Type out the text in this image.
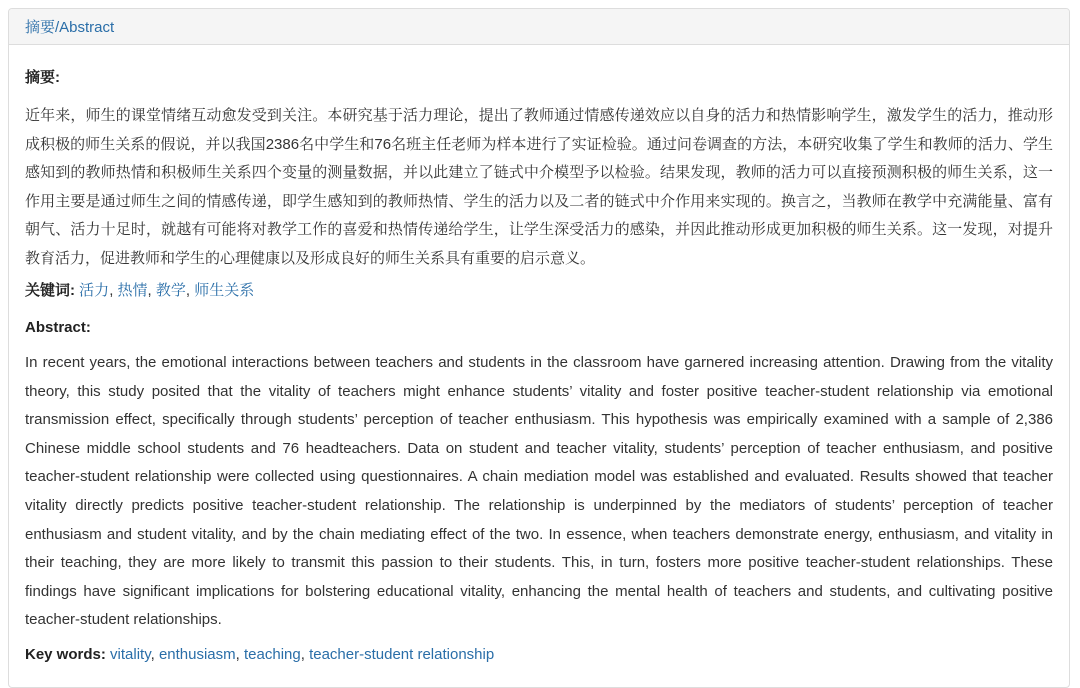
摘要/Abstract
摘要:
近年来，师生的课堂情绪互动愈发受到关注。本研究基于活力理论，提出了教师通过情感传递效应以自身的活力和热情影响学生，激发学生的活力，推动形成积极的师生关系的假说，并以我国2386名中学生和76名班主任老师为样本进行了实证检验。通过问卷调查的方法，本研究收集了学生和教师的活力、学生感知到的教师热情和积极师生关系四个变量的测量数据，并以此建立了链式中介模型予以检验。结果发现，教师的活力可以直接预测积极的师生关系，这一作用主要是通过师生之间的情感传递，即学生感知到的教师热情、学生的活力以及二者的链式中介作用来实现的。换言之，当教师在教学中充满能量、富有朝气、活力十足时，就越有可能将对教学工作的喜爱和热情传递给学生，让学生深受活力的感染，并因此推动形成更加积极的师生关系。这一发现，对提升教育活力，促进教师和学生的心理健康以及形成良好的师生关系具有重要的启示意义。
关键词: 活力, 热情, 教学, 师生关系
Abstract:
In recent years, the emotional interactions between teachers and students in the classroom have garnered increasing attention. Drawing from the vitality theory, this study posited that the vitality of teachers might enhance students’ vitality and foster positive teacher-student relationship via emotional transmission effect, specifically through students’ perception of teacher enthusiasm. This hypothesis was empirically examined with a sample of 2,386 Chinese middle school students and 76 headteachers. Data on student and teacher vitality, students’ perception of teacher enthusiasm, and positive teacher-student relationship were collected using questionnaires. A chain mediation model was established and evaluated. Results showed that teacher vitality directly predicts positive teacher-student relationship. The relationship is underpinned by the mediators of students’ perception of teacher enthusiasm and student vitality, and by the chain mediating effect of the two. In essence, when teachers demonstrate energy, enthusiasm, and vitality in their teaching, they are more likely to transmit this passion to their students. This, in turn, fosters more positive teacher-student relationships. These findings have significant implications for bolstering educational vitality, enhancing the mental health of teachers and students, and cultivating positive teacher-student relationships.
Key words: vitality, enthusiasm, teaching, teacher-student relationship
